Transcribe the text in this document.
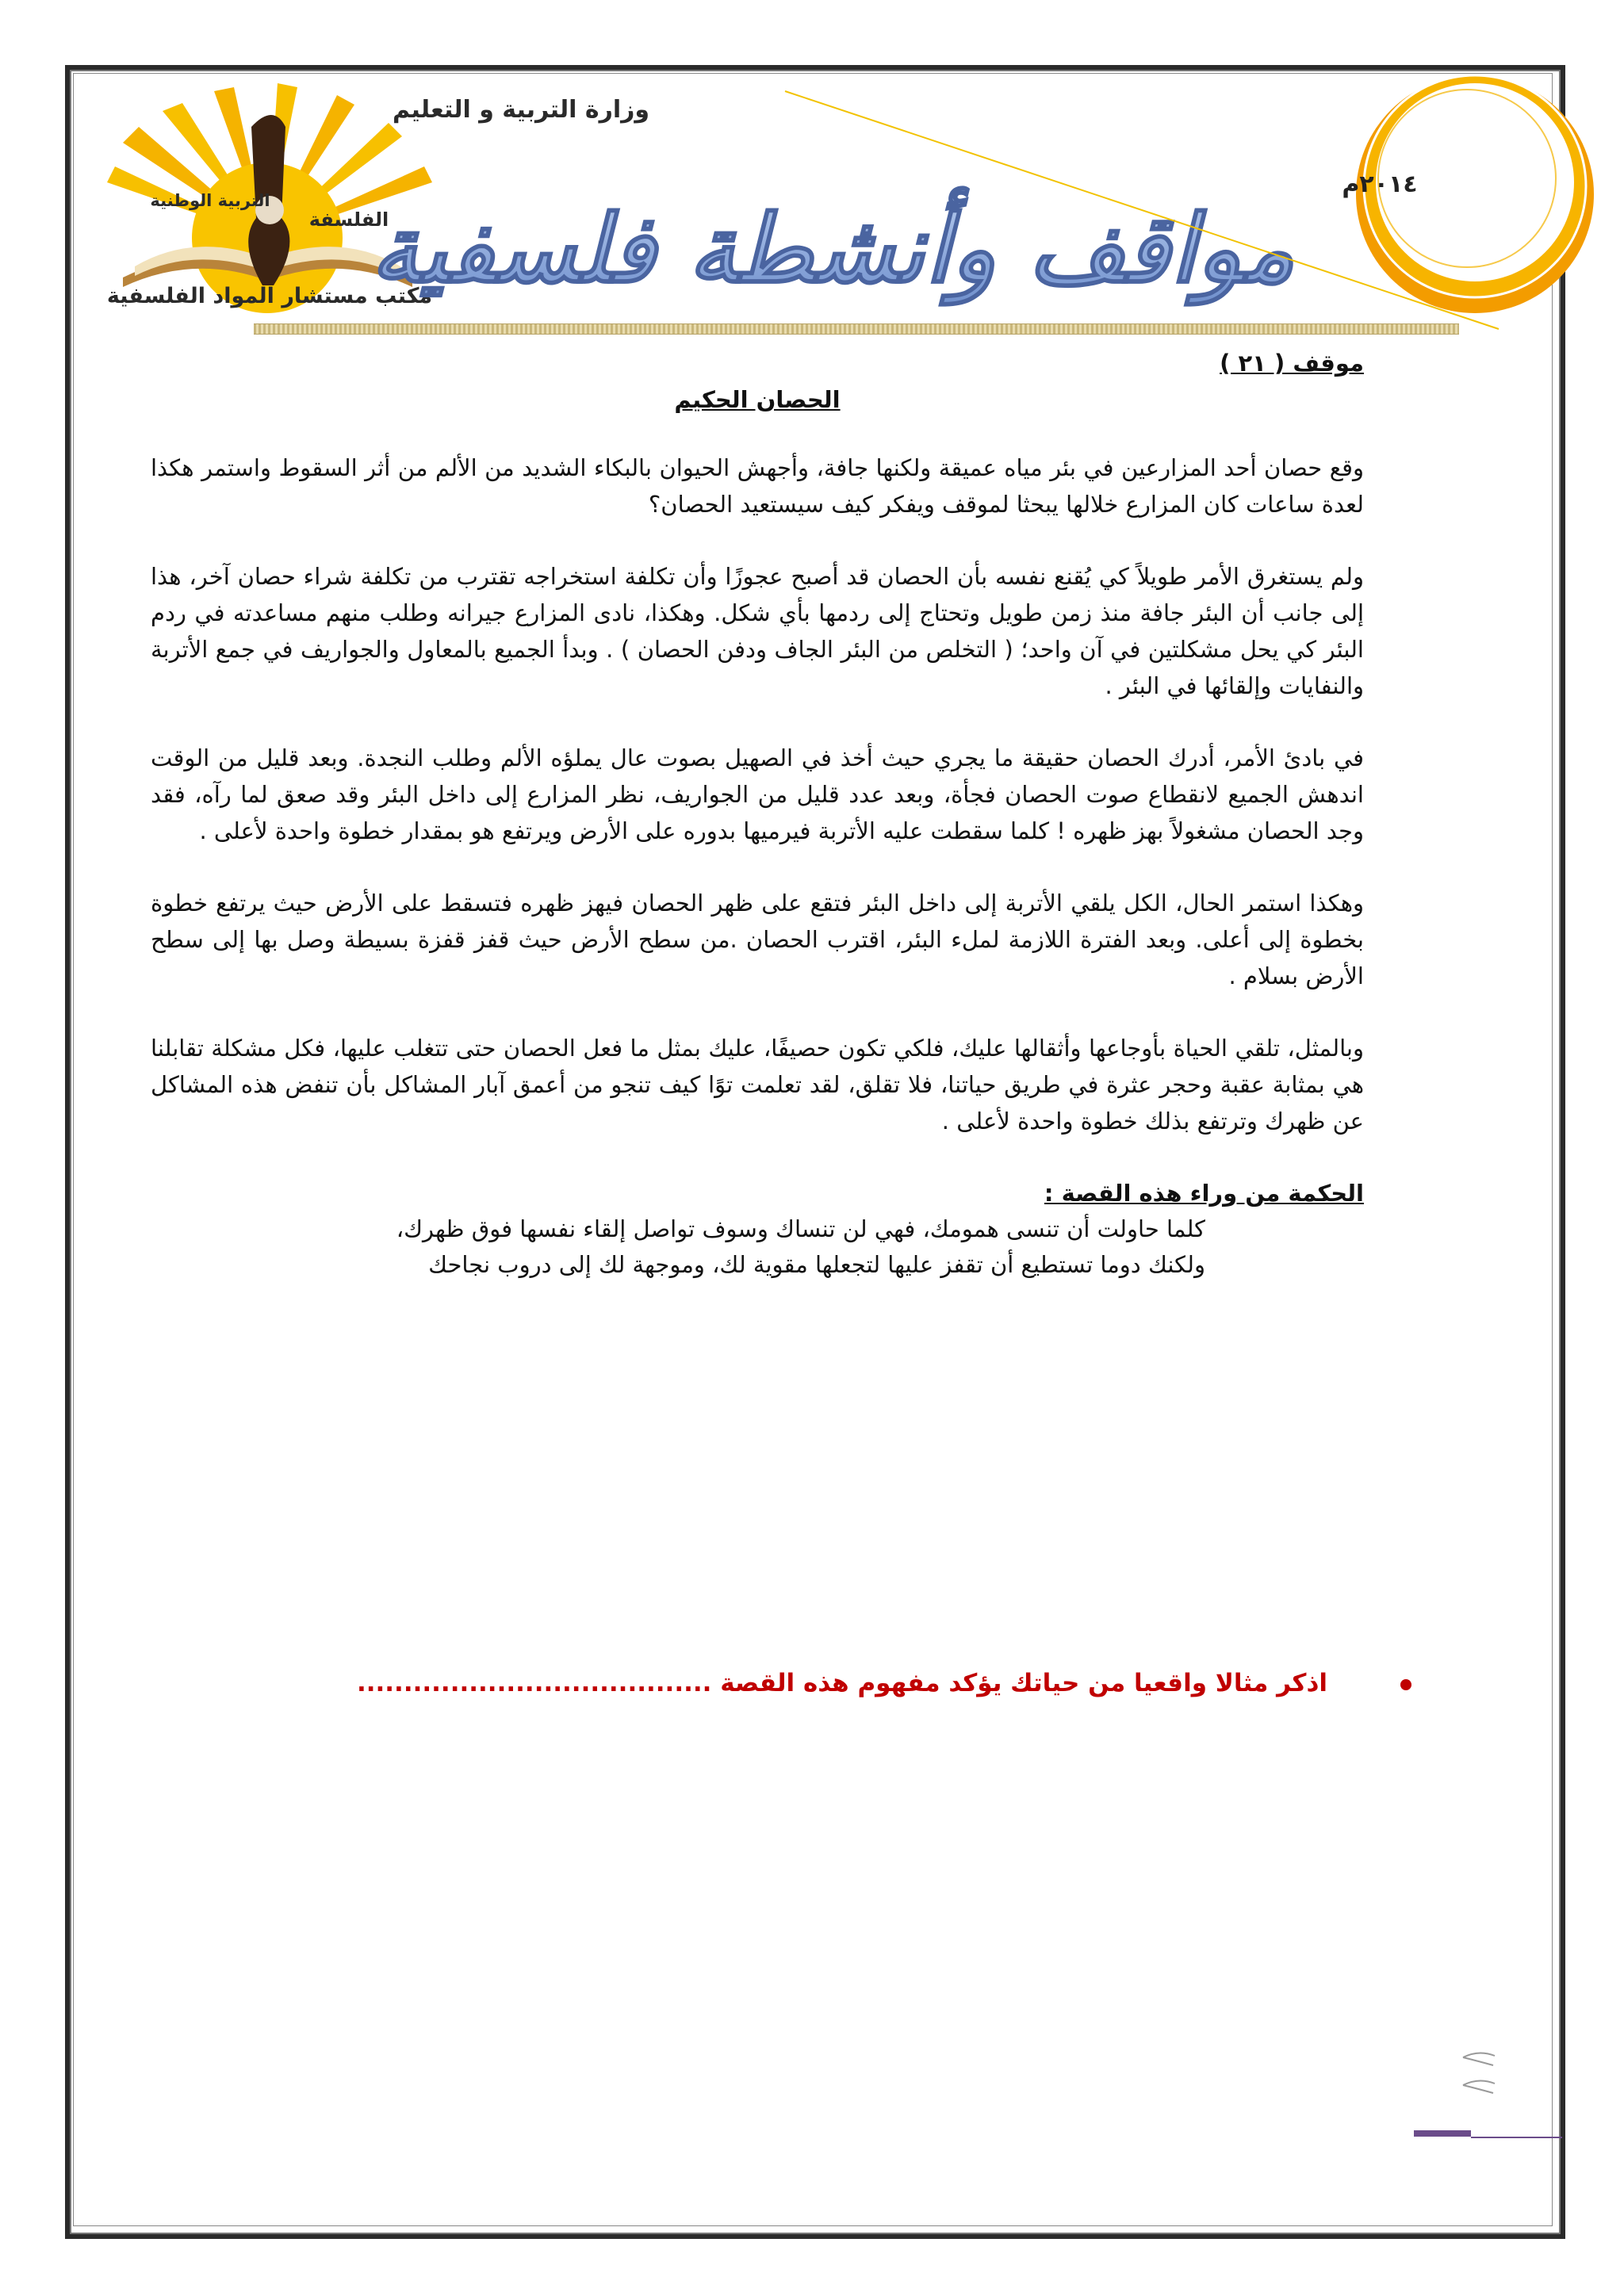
وزارة التربية و التعليم
التربية الوطنية
الفلسفة
مكتب مستشار المواد الفلسفية
مواقف وأنشطة فلسفية
٢٠١٤م
موقف ( ٢١ )
الحصان الحكيم

وقع حصان أحد المزارعين في بئر مياه عميقة ولكنها جافة، وأجهش الحيوان بالبكاء الشديد من الألم من أثر السقوط واستمر هكذا لعدة ساعات كان المزارع خلالها يبحثا لموقف ويفكر كيف سيستعيد الحصان؟

ولم يستغرق الأمر طويلاً كي يُقنع نفسه بأن الحصان قد أصبح عجوزًا وأن تكلفة استخراجه تقترب من تكلفة شراء حصان آخر، هذا إلى جانب أن البئر جافة منذ زمن طويل وتحتاج إلى ردمها بأي شكل. وهكذا، نادى المزارع جيرانه وطلب منهم مساعدته في ردم البئر كي يحل مشكلتين في آن واحد؛ ( التخلص من البئر الجاف ودفن الحصان ) . وبدأ الجميع بالمعاول والجواريف في جمع الأتربة والنفايات وإلقائها في البئر .

في بادئ الأمر، أدرك الحصان حقيقة ما يجري حيث أخذ في الصهيل بصوت عال يملؤه الألم وطلب النجدة. وبعد قليل من الوقت اندهش الجميع لانقطاع صوت الحصان فجأة، وبعد عدد قليل من الجواريف، نظر المزارع إلى داخل البئر وقد صعق لما رآه، فقد وجد الحصان مشغولاً بهز ظهره ! كلما سقطت عليه الأتربة فيرميها بدوره على الأرض ويرتفع هو بمقدار خطوة واحدة لأعلى .

وهكذا استمر الحال، الكل يلقي الأتربة إلى داخل البئر فتقع على ظهر الحصان فيهز ظهره فتسقط على الأرض حيث يرتفع خطوة بخطوة إلى أعلى. وبعد الفترة اللازمة لملء البئر، اقترب الحصان .من سطح الأرض حيث قفز قفزة بسيطة وصل بها إلى سطح الأرض بسلام .

وبالمثل، تلقي الحياة بأوجاعها وأثقالها عليك، فلكي تكون حصيفًا، عليك بمثل ما فعل الحصان حتى تتغلب عليها، فكل مشكلة تقابلنا هي بمثابة عقبة وحجر عثرة في طريق حياتنا، فلا تقلق، لقد تعلمت توًا كيف تنجو من أعمق آبار المشاكل بأن تنفض هذه المشاكل عن ظهرك وترتفع بذلك خطوة واحدة لأعلى .

الحكمة من وراء هذه القصة :
كلما حاولت أن تنسى همومك، فهي لن تنساك وسوف تواصل إلقاء نفسها فوق ظهرك،
ولكنك دوما تستطيع أن تقفز عليها لتجعلها مقوية لك، وموجهة لك إلى دروب نجاحك
اذكر مثالا واقعيا من حياتك يؤكد مفهوم هذه القصة ......................................
